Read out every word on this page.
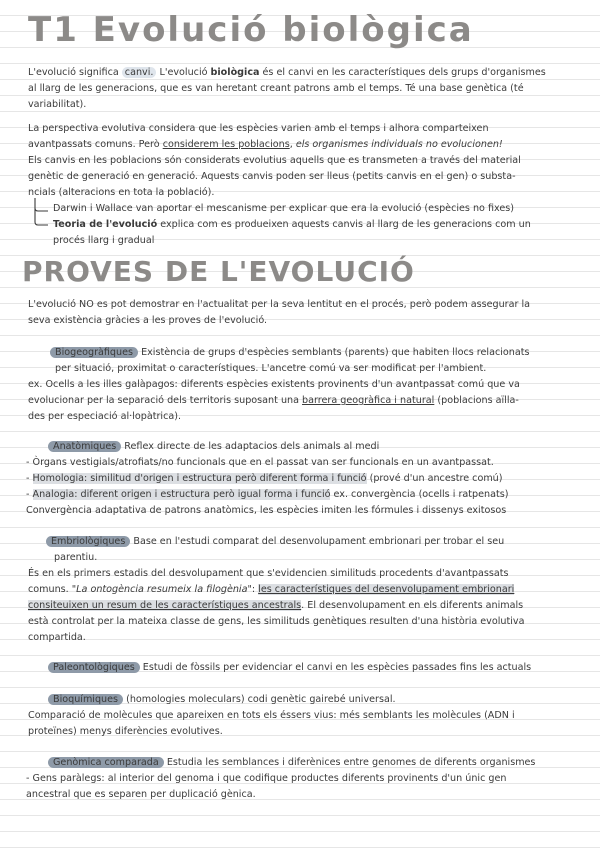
T1 Evolució biològica
L'evolució significa canvi. L'evolució biològica és el canvi en les característiques dels grups d'organismes
al llarg de les generacions, que es van heretant creant patrons amb el temps. Té una base genètica (té
variabilitat).
La perspectiva evolutiva considera que les espècies varien amb el temps i alhora comparteixen
avantpassats comuns. Però considerem les poblacions, els organismes individuals no evolucionen!
Els canvis en les poblacions són considerats evolutius aquells que es transmeten a través del material
genètic de generació en generació. Aquests canvis poden ser lleus (petits canvis en el gen) o substa-
ncials (alteracions en tota la població).
Darwin i Wallace van aportar el mescanisme per explicar que era la evolució (espècies no fixes)
Teoria de l'evolució explica com es produeixen aquests canvis al llarg de les generacions com un
procés llarg i gradual
PROVES DE L'EVOLUCIÓ
L'evolució NO es pot demostrar en l'actualitat per la seva lentitut en el procés, però podem assegurar la
seva existència gràcies a les proves de l'evolució.
Biogeogràfiques Existència de grups d'espècies semblants (parents) que habiten llocs relacionats
per situació, proximitat o característiques. L'ancetre comú va ser modificat per l'ambient.
ex. Ocells a les illes galàpagos: diferents espècies existents provinents d'un avantpassat comú que va
evolucionar per la separació dels territoris suposant una barrera geogràfica i natural (poblacions aïlla-
des per especiació al·lopàtrica).
Anatòmiques Reflex directe de les adaptacios dels animals al medi
- Òrgans vestigials/atrofiats/no funcionals que en el passat van ser funcionals en un avantpassat.
- Homologia: similitud d'origen i estructura però diferent forma i funció (prové d'un ancestre comú)
- Analogia: diferent origen i estructura però igual forma i funció ex. convergència (ocells i ratpenats)
Convergència adaptativa de patrons anatòmics, les espècies imiten les fórmules i dissenys exitosos
Embriològiques Base en l'estudi comparat del desenvolupament embrionari per trobar el seu
parentiu.
És en els primers estadis del desvolupament que s'evidencien similituds procedents d'avantpassats
comuns. "La ontogència resumeix la filogènia": les característiques del desenvolupament embrionari
consiteuixen un resum de les característiques ancestrals. El desenvolupament en els diferents animals
està controlat per la mateixa classe de gens, les similituds genètiques resulten d'una història evolutiva
compartida.
Paleontològiques Estudi de fòssils per evidenciar el canvi en les espècies passades fins les actuals
Bioquímiques (homologies moleculars) codi genètic gairebé universal.
Comparació de molècules que apareixen en tots els éssers vius: més semblants les molècules (ADN i
proteïnes) menys diferències evolutives.
Genòmica comparada Estudia les semblances i diferènices entre genomes de diferents organismes
- Gens paràlegs: al interior del genoma i que codifique productes diferents provinents d'un únic gen
ancestral que es separen per duplicació gènica.
